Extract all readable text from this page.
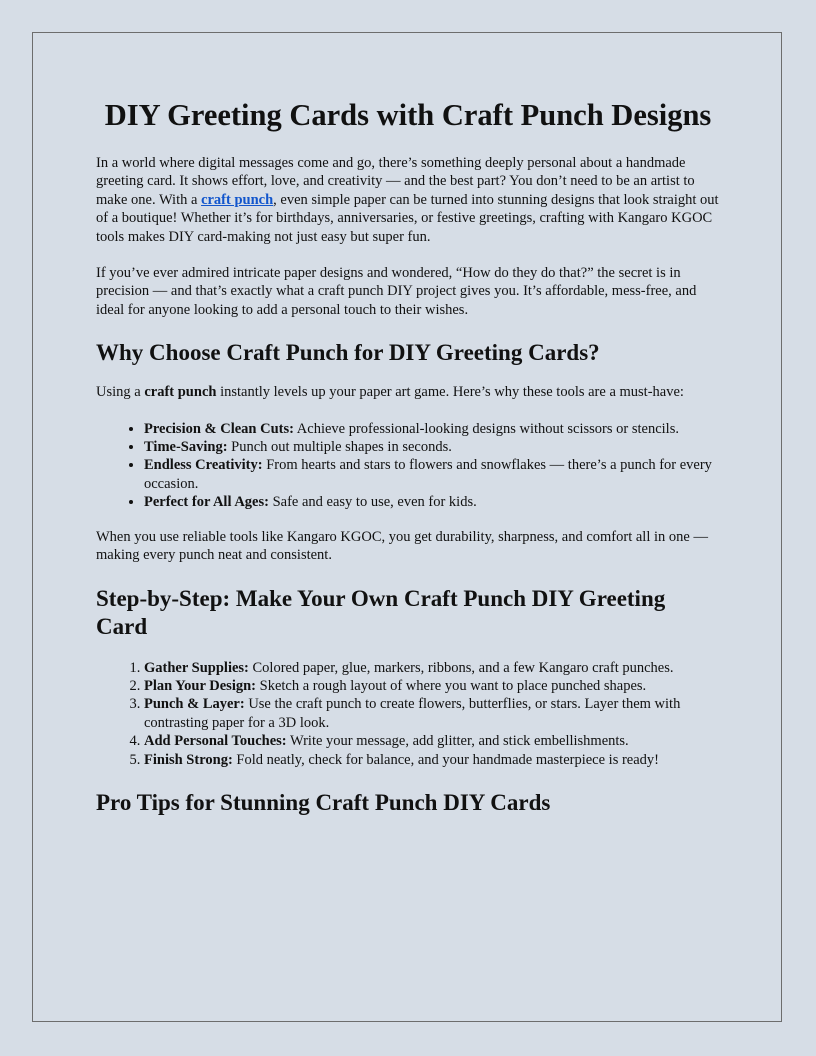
DIY Greeting Cards with Craft Punch Designs

In a world where digital messages come and go, there’s something deeply personal about a handmade greeting card. It shows effort, love, and creativity — and the best part? You don’t need to be an artist to make one. With a craft punch, even simple paper can be turned into stunning designs that look straight out of a boutique! Whether it’s for birthdays, anniversaries, or festive greetings, crafting with Kangaro KGOC tools makes DIY card-making not just easy but super fun.

If you’ve ever admired intricate paper designs and wondered, “How do they do that?” the secret is in precision — and that’s exactly what a craft punch DIY project gives you. It’s affordable, mess-free, and ideal for anyone looking to add a personal touch to their wishes.

Why Choose Craft Punch for DIY Greeting Cards?

Using a craft punch instantly levels up your paper art game. Here’s why these tools are a must-have:

• Precision & Clean Cuts: Achieve professional-looking designs without scissors or stencils.
• Time-Saving: Punch out multiple shapes in seconds.
• Endless Creativity: From hearts and stars to flowers and snowflakes — there’s a punch for every occasion.
• Perfect for All Ages: Safe and easy to use, even for kids.

When you use reliable tools like Kangaro KGOC, you get durability, sharpness, and comfort all in one — making every punch neat and consistent.

Step-by-Step: Make Your Own Craft Punch DIY Greeting Card
1. Gather Supplies: Colored paper, glue, markers, ribbons, and a few Kangaro craft punches.
2. Plan Your Design: Sketch a rough layout of where you want to place punched shapes.
3. Punch & Layer: Use the craft punch to create flowers, butterflies, or stars. Layer them with contrasting paper for a 3D look.
4. Add Personal Touches: Write your message, add glitter, and stick embellishments.
5. Finish Strong: Fold neatly, check for balance, and your handmade masterpiece is ready!
Pro Tips for Stunning Craft Punch DIY Cards
